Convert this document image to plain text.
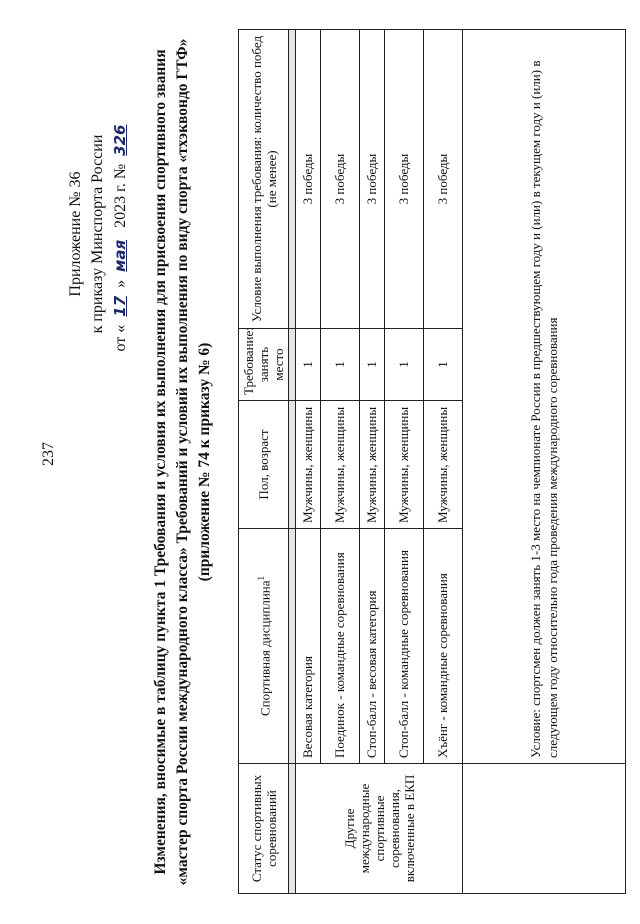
237
Приложение № 36 к приказу Минспорта России
от «17»мая 2023 г. №326 Изменения, вносимые в таблицу пункта 1 Требования и условия их выполнения для присвоения спортивного звания «мастер спорта России международного класса» Требований и условий их выполнения по виду спорта «тхэквондо ГТФ» (приложение № 74 к приказу № 6)
Статус спортивных соревнований	Спортивная дисциплина$^1$	Пол, возраст	Требование: занять место	Условие выполнения требования: количество побед (не менее)

Другие международные спортивные соревнования, включенные в ЕКП	Весовая категория	Мужчины, женщины	1	3 победы
	Поединок - командные соревнования	Мужчины, женщины	1	3 победы
	Стоп-балл - весовая категория	Мужчины, женщины	1	3 победы
	Стоп-балл - командные соревнования	Мужчины, женщины	1	3 победы
	Хъёнг - командные соревнования	Мужчины, женщины	1	3 победы
	Условие: спортсмен должен занять 1-3 место на чемпионате России в предшествующем году и (или) в текущем году и (или) в следующем году относительно года проведения международного соревнования			
